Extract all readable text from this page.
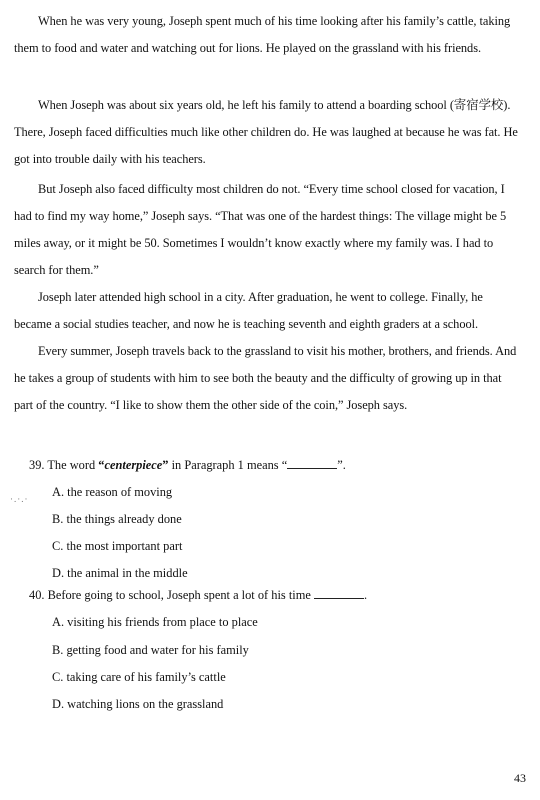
When he was very young, Joseph spent much of his time looking after his family’s cattle, taking them to food and water and watching out for lions. He played on the grassland with his friends.

When Joseph was about six years old, he left his family to attend a boarding school (寄宿学校). There, Joseph faced difficulties much like other children do. He was laughed at because he was fat. He got into trouble daily with his teachers.

But Joseph also faced difficulty most children do not. “Every time school closed for vacation, I had to find my way home,” Joseph says. “That was one of the hardest things: The village might be 5 miles away, or it might be 50. Sometimes I wouldn’t know exactly where my family was. I had to search for them.”

Joseph later attended high school in a city. After graduation, he went to college. Finally, he became a social studies teacher, and now he is teaching seventh and eighth graders at a school.

Every summer, Joseph travels back to the grassland to visit his mother, brothers, and friends. And he takes a group of students with him to see both the beauty and the difficulty of growing up in that part of the country. “I like to show them the other side of the coin,” Joseph says.

39. The word “centerpiece” in Paragraph 1 means “	”.

·.·.· A. the reason of moving

B. the things already done

C. the most important part

D. the animal in the middle

40. Before going to school, Joseph spent a lot of his time	.

A. visiting his friends from place to place

B. getting food and water for his family

C. taking care of his family’s cattle

D. watching lions on the grassland

43
